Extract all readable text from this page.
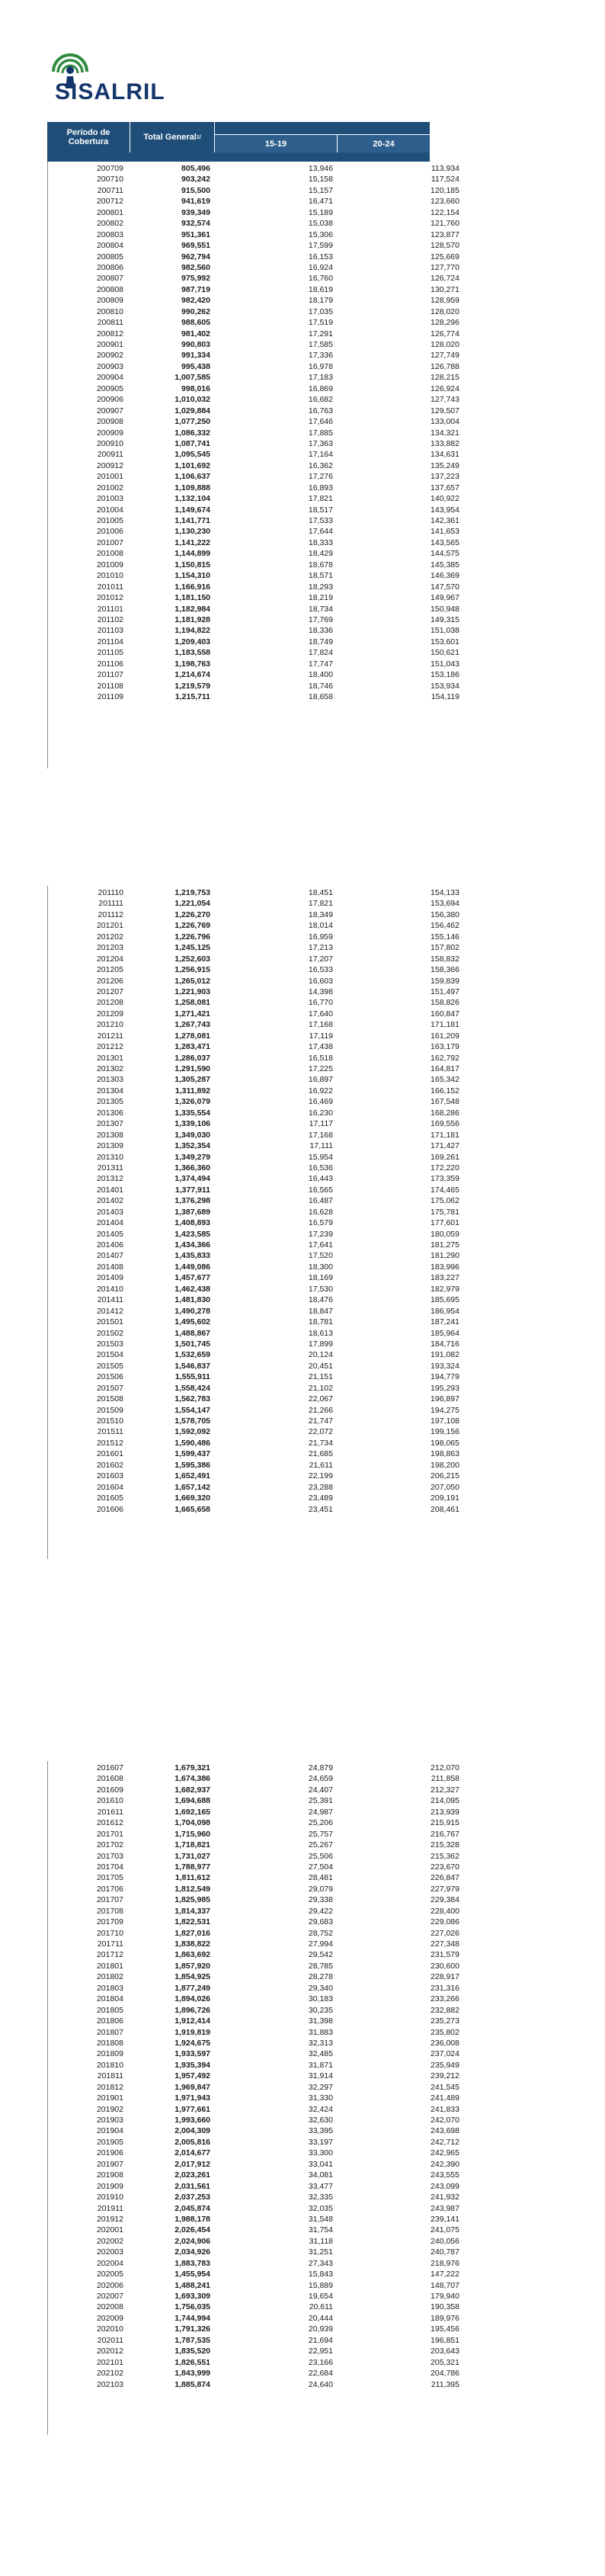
SISALRIL
Período de Cobertura	Total General 1/
15-19	20-24
200709	805,496	13,946	113,934
200710	903,242	15,158	117,524
200711	915,500	15,157	120,185
200712	941,619	16,471	123,660
200801	939,349	15,189	122,154
200802	932,574	15,038	121,760
200803	951,361	15,306	123,877
200804	969,551	17,599	128,570
200805	962,794	16,153	125,669
200806	982,560	16,924	127,770
200807	975,992	16,760	126,724
200808	987,719	18,619	130,271
200809	982,420	18,179	128,959
200810	990,262	17,035	128,020
200811	988,605	17,519	128,296
200812	981,402	17,291	126,774
200901	990,803	17,585	128,020
200902	991,334	17,336	127,749
200903	995,438	16,978	126,788
200904	1,007,585	17,183	128,215
200905	998,016	16,869	126,924
200906	1,010,032	16,682	127,743
200907	1,029,884	16,763	129,507
200908	1,077,250	17,646	133,004
200909	1,086,332	17,885	134,321
200910	1,087,741	17,363	133,882
200911	1,095,545	17,164	134,631
200912	1,101,692	16,362	135,249
201001	1,106,637	17,276	137,223
201002	1,109,888	16,893	137,657
201003	1,132,104	17,821	140,922
201004	1,149,674	18,517	143,954
201005	1,141,771	17,533	142,361
201006	1,130,230	17,644	141,653
201007	1,141,222	18,333	143,565
201008	1,144,899	18,429	144,575
201009	1,150,815	18,678	145,385
201010	1,154,310	18,571	146,369
201011	1,166,916	18,293	147,570
201012	1,181,150	18,219	149,967
201101	1,182,984	18,734	150,948
201102	1,181,928	17,769	149,315
201103	1,194,822	18,336	151,038
201104	1,209,403	18,749	153,601
201105	1,183,558	17,824	150,621
201106	1,198,763	17,747	151,043
201107	1,214,674	18,400	153,186
201108	1,219,579	18,746	153,934
201109	1,215,711	18,658	154,119
201110	1,219,753	18,451	154,133
201111	1,221,054	17,821	153,694
201112	1,226,270	18,349	156,380
201201	1,226,769	18,014	156,462
201202	1,226,796	16,959	155,146
201203	1,245,125	17,213	157,802
201204	1,252,603	17,207	158,832
201205	1,256,915	16,533	158,366
201206	1,265,012	16,603	159,839
201207	1,221,903	14,398	151,497
201208	1,258,081	16,770	158,826
201209	1,271,421	17,640	160,847
201210	1,267,743	17,168	171,181
201211	1,278,081	17,119	161,209
201212	1,283,471	17,438	163,179
201301	1,286,037	16,518	162,792
201302	1,291,590	17,225	164,817
201303	1,305,287	16,897	165,342
201304	1,311,892	16,922	166,152
201305	1,326,079	16,469	167,548
201306	1,335,554	16,230	168,286
201307	1,339,106	17,117	169,556
201308	1,349,030	17,168	171,181
201309	1,352,354	17,111	171,427
201310	1,349,279	15,954	169,261
201311	1,366,360	16,536	172,220
201312	1,374,494	16,443	173,359
201401	1,377,911	16,565	174,465
201402	1,376,298	16,487	175,062
201403	1,387,689	16,628	175,781
201404	1,408,893	16,579	177,601
201405	1,423,585	17,239	180,059
201406	1,434,366	17,641	181,275
201407	1,435,833	17,520	181,290
201408	1,449,086	18,300	183,996
201409	1,457,677	18,169	183,227
201410	1,462,438	17,530	182,979
201411	1,481,830	18,476	185,695
201412	1,490,278	18,847	186,954
201501	1,495,602	18,781	187,241
201502	1,488,867	18,613	185,964
201503	1,501,745	17,899	184,716
201504	1,532,659	20,124	191,082
201505	1,546,837	20,451	193,324
201506	1,555,911	21,151	194,779
201507	1,558,424	21,102	195,293
201508	1,562,783	22,067	196,897
201509	1,554,147	21,266	194,275
201510	1,578,705	21,747	197,108
201511	1,592,092	22,072	199,156
201512	1,590,486	21,734	198,065
201601	1,599,437	21,685	198,863
201602	1,595,386	21,611	198,200
201603	1,652,491	22,199	206,215
201604	1,657,142	23,288	207,050
201605	1,669,320	23,489	209,191
201606	1,665,658	23,451	208,461
201607	1,679,321	24,879	212,070
201608	1,674,386	24,659	211,858
201609	1,682,937	24,407	212,327
201610	1,694,688	25,391	214,095
201611	1,692,165	24,987	213,939
201612	1,704,098	25,206	215,915
201701	1,715,960	25,757	216,767
201702	1,718,821	25,267	215,328
201703	1,731,027	25,506	215,362
201704	1,788,977	27,504	223,670
201705	1,811,612	28,481	226,847
201706	1,812,549	29,079	227,979
201707	1,825,985	29,338	229,384
201708	1,814,337	29,422	228,400
201709	1,822,531	29,683	229,086
201710	1,827,016	28,752	227,026
201711	1,838,822	27,994	227,348
201712	1,863,692	29,542	231,579
201801	1,857,920	28,785	230,600
201802	1,854,925	28,278	228,917
201803	1,877,249	29,340	231,316
201804	1,894,026	30,183	233,266
201805	1,896,726	30,235	232,882
201806	1,912,414	31,398	235,273
201807	1,919,819	31,883	235,802
201808	1,924,675	32,313	236,008
201809	1,933,597	32,485	237,024
201810	1,935,394	31,871	235,949
201811	1,957,492	31,914	239,212
201812	1,969,847	32,297	241,545
201901	1,971,943	31,330	241,489
201902	1,977,661	32,424	241,833
201903	1,993,660	32,630	242,070
201904	2,004,309	33,395	243,698
201905	2,005,816	33,197	242,712
201906	2,014,677	33,300	242,965
201907	2,017,912	33,041	242,390
201908	2,023,261	34,081	243,555
201909	2,031,561	33,477	243,099
201910	2,037,253	32,335	241,932
201911	2,045,874	32,035	243,987
201912	1,988,178	31,548	239,141
202001	2,026,454	31,754	241,075
202002	2,024,906	31,118	240,056
202003	2,034,926	31,251	240,787
202004	1,883,783	27,343	218,976
202005	1,455,954	15,843	147,222
202006	1,488,241	15,889	148,707
202007	1,693,309	19,654	179,940
202008	1,756,035	20,611	190,358
202009	1,744,994	20,444	189,976
202010	1,791,326	20,939	195,456
202011	1,787,535	21,694	196,851
202012	1,835,520	22,951	203,643
202101	1,826,551	23,166	205,321
202102	1,843,999	22,684	204,786
202103	1,885,874	24,640	211,395
